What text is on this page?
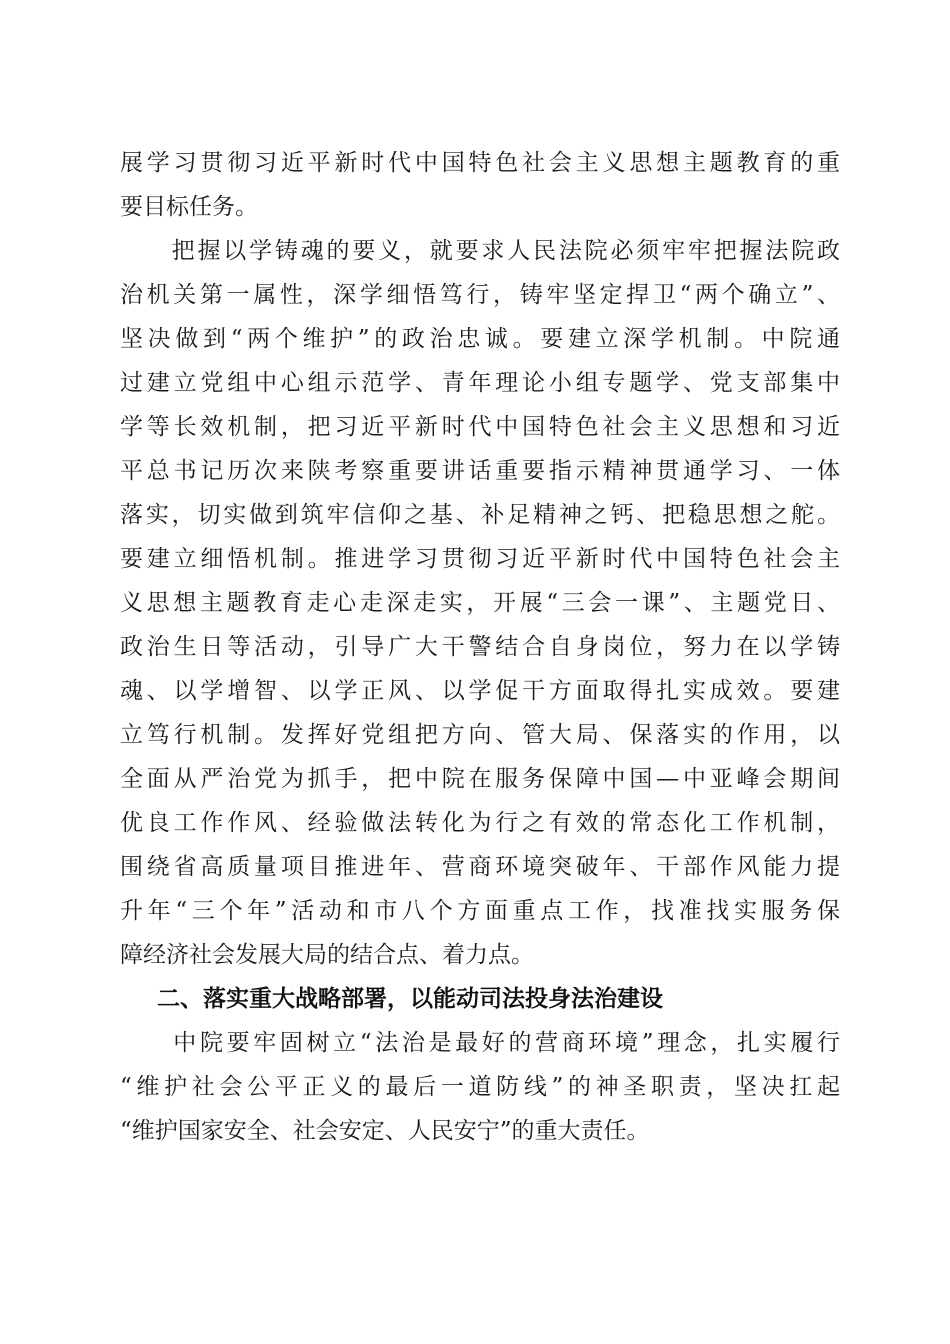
展学习贯彻习近平新时代中国特色社会主义思想主题教育的重
要目标任务。
　　把握以学铸魂的要义，就要求人民法院必须牢牢把握法院政
治机关第一属性，深学细悟笃行，铸牢坚定捍卫“两个确立”、
坚决做到“两个维护”的政治忠诚。要建立深学机制。中院通
过建立党组中心组示范学、青年理论小组专题学、党支部集中
学等长效机制，把习近平新时代中国特色社会主义思想和习近
平总书记历次来陕考察重要讲话重要指示精神贯通学习、一体
落实，切实做到筑牢信仰之基、补足精神之钙、把稳思想之舵。
要建立细悟机制。推进学习贯彻习近平新时代中国特色社会主
义思想主题教育走心走深走实，开展“三会一课”、主题党日、
政治生日等活动，引导广大干警结合自身岗位，努力在以学铸
魂、以学增智、以学正风、以学促干方面取得扎实成效。要建
立笃行机制。发挥好党组把方向、管大局、保落实的作用，以
全面从严治党为抓手，把中院在服务保障中国—中亚峰会期间
优良工作作风、经验做法转化为行之有效的常态化工作机制，
围绕省高质量项目推进年、营商环境突破年、干部作风能力提
升年“三个年”活动和市八个方面重点工作，找准找实服务保
障经济社会发展大局的结合点、着力点。
二、落实重大战略部署，以能动司法投身法治建设
　　中院要牢固树立“法治是最好的营商环境”理念，扎实履行
“维护社会公平正义的最后一道防线”的神圣职责，坚决扛起
“维护国家安全、社会安定、人民安宁”的重大责任。
